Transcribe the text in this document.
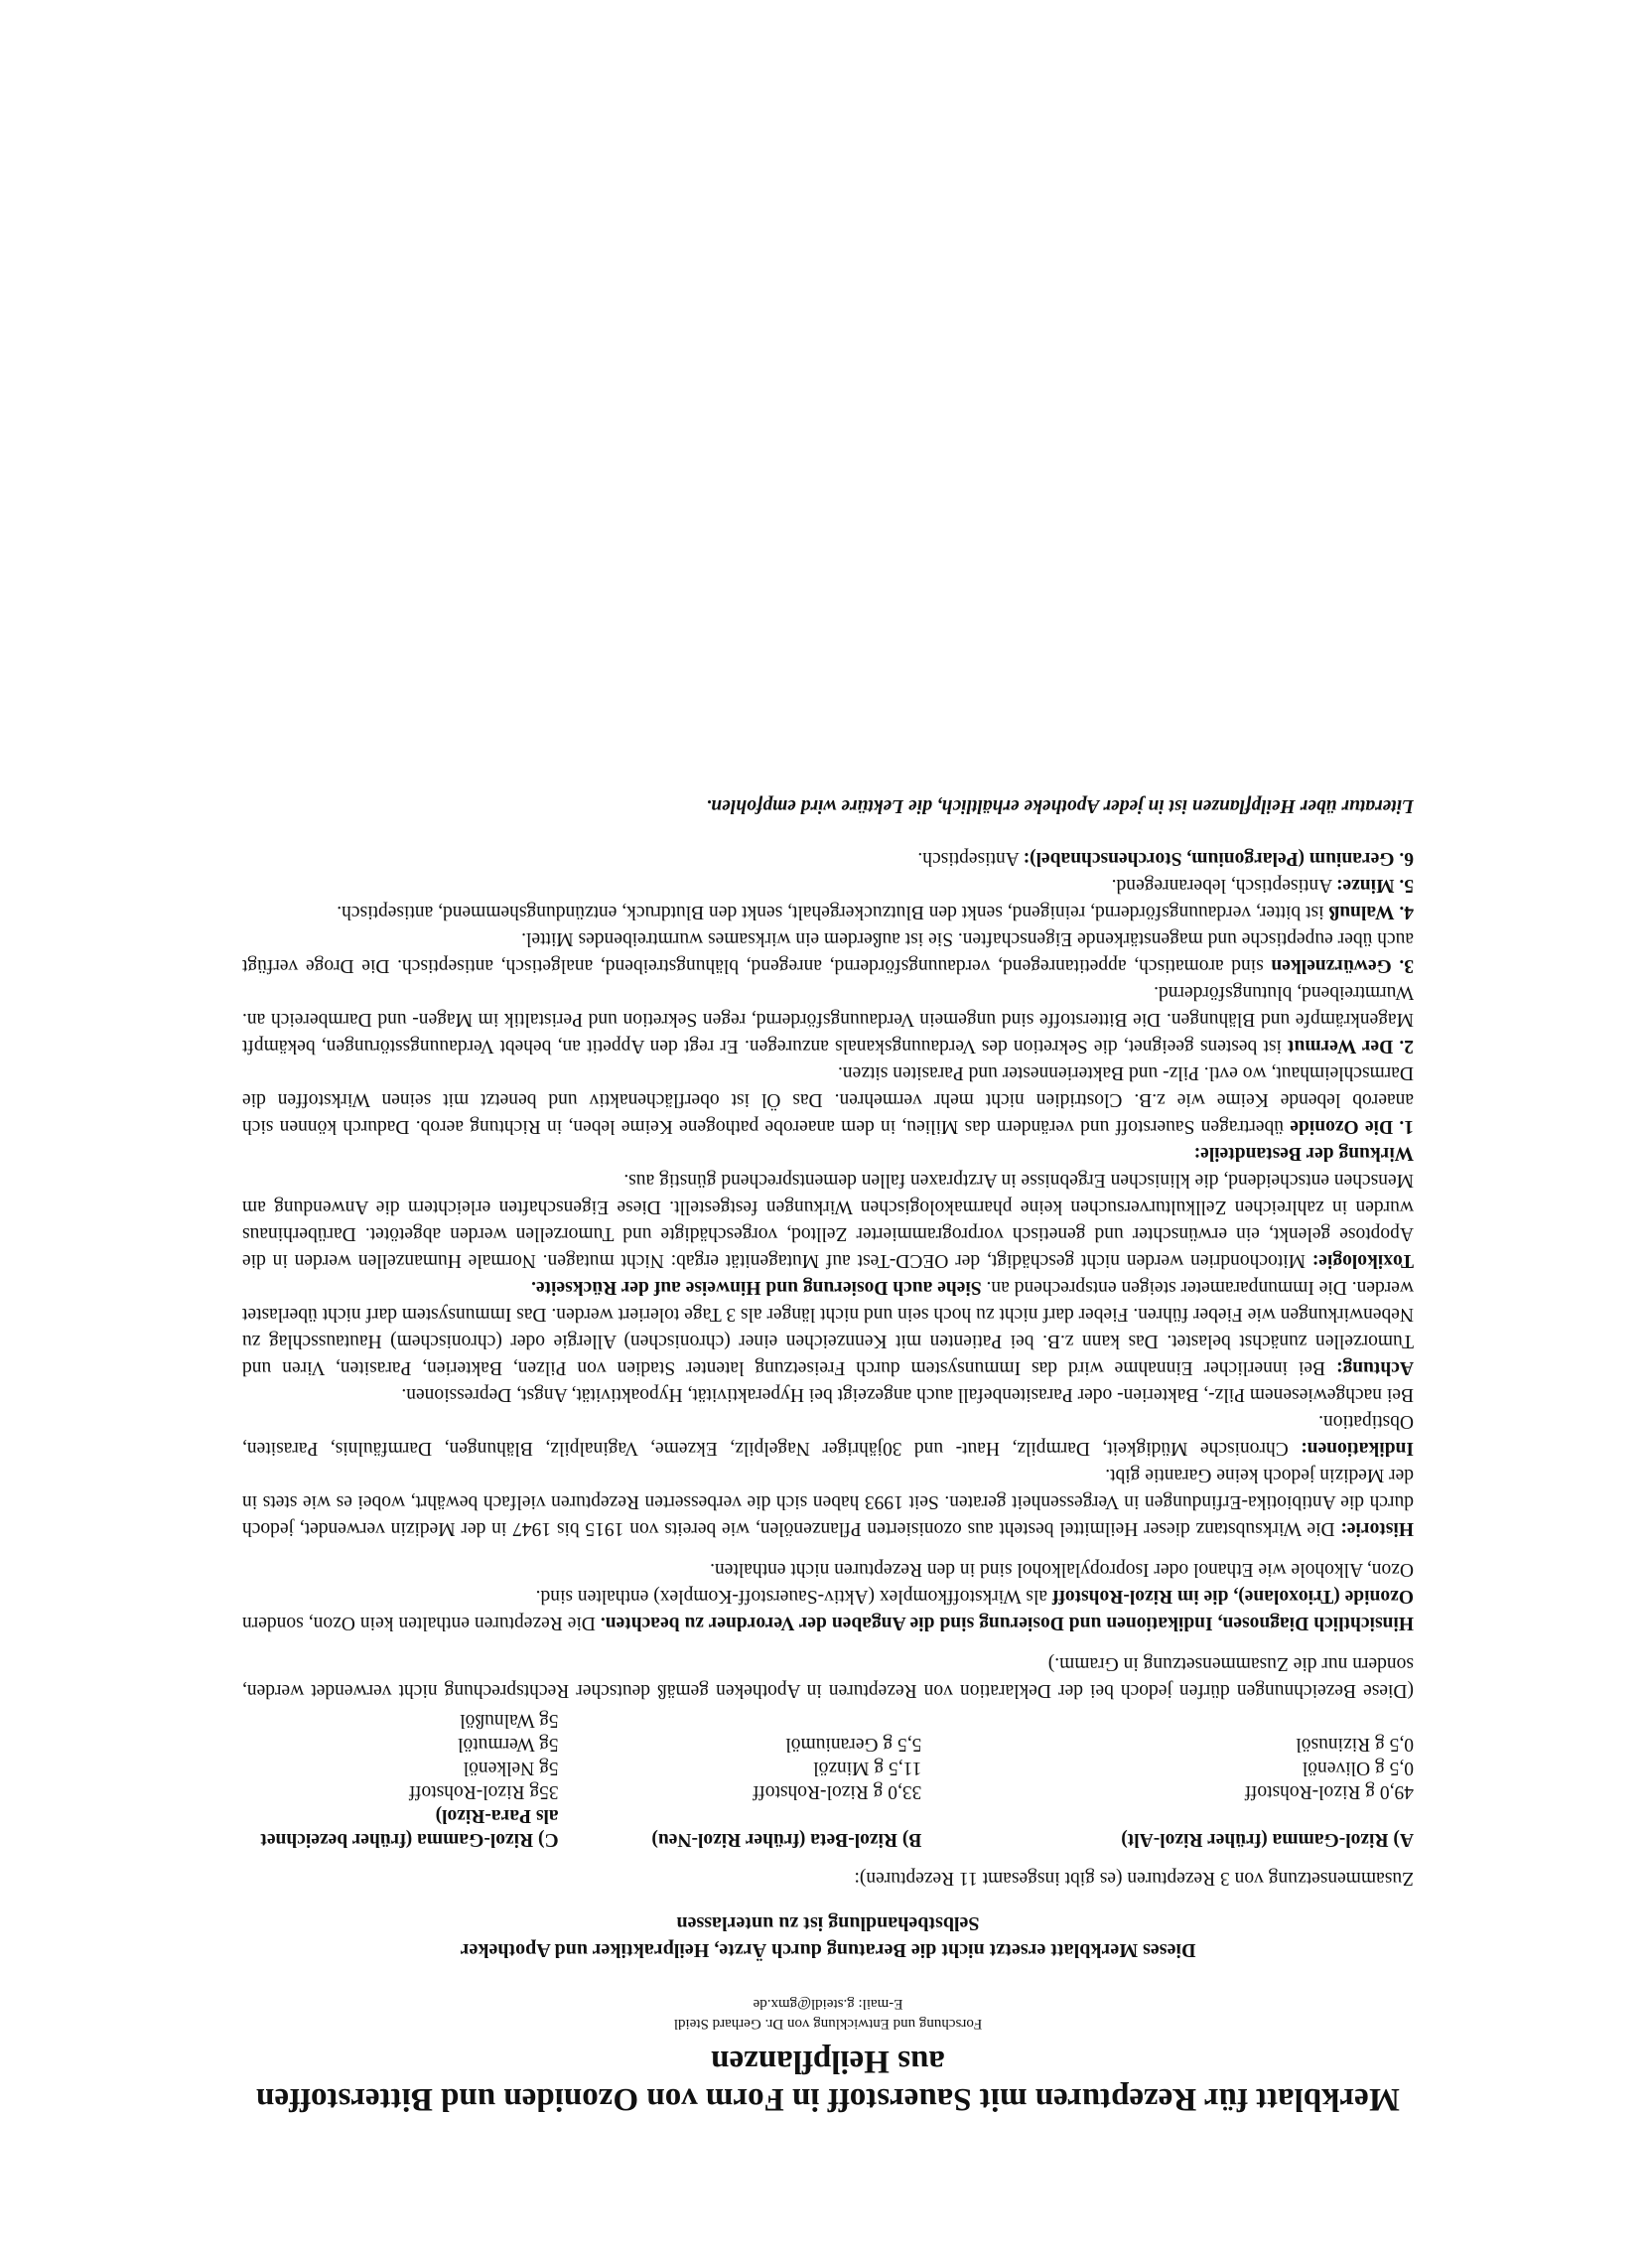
Merkblatt für Rezepturen mit Sauerstoff in Form von Ozoniden und Bitterstoffen aus Heilpflanzen

Forschung und Entwicklung von Dr. Gerhard Steidl
E-mail: g.steidl@gmx.de
Dieses Merkblatt ersetzt nicht die Beratung durch Ärzte, Heilpraktiker und Apotheker
Selbstbehandlung ist zu unterlassen

Zusammensetzung von 3 Rezepturen (es gibt insgesamt 11 Rezepturen):

A) Rizol-Gamma (früher Rizol-Alt)	B) Rizol-Beta (früher Rizol-Neu)	C) Rizol-Gamma (früher bezeichnet als Para-Rizol)
49,0 g Rizol-Rohstoff	33,0 g Rizol-Rohstoff	35g Rizol-Rohstoff
0,5 g Olivenöl	11,5 g Minzöl	5g Nelkenöl
0,5 g Rizinusöl	5,5 g Geraniumöl	5g Wermutöl
		5g Walnußöl

(Diese Bezeichnungen dürfen jedoch bei der Deklaration von Rezepturen in Apotheken gemäß deutscher Rechtsprechung nicht verwendet werden, sondern nur die Zusammensetzung in Gramm.)

Hinsichtlich Diagnosen, Indikationen und Dosierung sind die Angaben der Verordner zu beachten. Die Rezepturen enthalten kein Ozon, sondern Ozonide (Trioxolane), die im Rizol-Rohstoff als Wirkstoffkomplex (Aktiv-Sauerstoff-Komplex) enthalten sind.

Ozon, Alkohole wie Ethanol oder Isopropylalkohol sind in den Rezepturen nicht enthalten.

Historie: Die Wirksubstanz dieser Heilmittel besteht aus ozonisierten Pflanzenölen, wie bereits von 1915 bis 1947 in der Medizin verwendet, jedoch durch die Antibiotika-Erfindungen in Vergessenheit geraten. Seit 1993 haben sich die verbesserten Rezepturen vielfach bewährt, wobei es wie stets in der Medizin jedoch keine Garantie gibt.

Indikationen: Chronische Müdigkeit, Darmpilz, Haut- und 30jähriger Nagelpilz, Ekzeme, Vaginalpilz, Blähungen, Darmfäulnis, Parasiten, Obstipation.

Bei nachgewiesenem Pilz-, Bakterien- oder Parasitenbefall auch angezeigt bei Hyperaktivität, Hypoaktivität, Angst, Depressionen.

Achtung: Bei innerlicher Einnahme wird das Immunsystem durch Freisetzung latenter Stadien von Pilzen, Bakterien, Parasiten, Viren und Tumorzellen zunächst belastet. Das kann z.B. bei Patienten mit Kennzeichen einer (chronischen) Allergie oder (chronischem) Hautausschlag zu Nebenwirkungen wie Fieber führen. Fieber darf nicht zu hoch sein und nicht länger als 3 Tage toleriert werden. Das Immunsystem darf nicht überlastet werden. Die Immunparameter steigen entsprechend an. Siehe auch Dosierung und Hinweise auf der Rückseite.

Toxikologie: Mitochondrien werden nicht geschädigt, der OECD-Test auf Mutagenität ergab: Nicht mutagen. Normale Humanzellen werden in die Apoptose gelenkt, ein erwünschter und genetisch vorprogrammierter Zelltod, vorgeschädigte und Tumorzellen werden abgetötet. Darüberhinaus wurden in zahlreichen Zellkulturversuchen keine pharmakologischen Wirkungen festgestellt. Diese Eigenschaften erleichtern die Anwendung am Menschen entscheidend, die klinischen Ergebnisse in Arztpraxen fallen dementsprechend günstig aus.

Wirkung der Bestandteile:

1. Die Ozonide übertragen Sauerstoff und verändern das Milieu, in dem anaerobe pathogene Keime leben, in Richtung aerob. Dadurch können sich anaerob lebende Keime wie z.B. Clostridien nicht mehr vermehren. Das Öl ist oberflächenaktiv und benetzt mit seinen Wirkstoffen die Darmschleimhaut, wo evtl. Pilz- und Bakteriennester und Parasiten sitzen.

2. Der Wermut ist bestens geeignet, die Sekretion des Verdauungskanals anzuregen. Er regt den Appetit an, behebt Verdauungsstörungen, bekämpft Magenkrämpfe und Blähungen. Die Bitterstoffe sind ungemein Verdauungsfördernd, regen Sekretion und Peristaltik im Magen- und Darmbereich an. Wurmtreibend, blutungsfördernd.

3. Gewürznelken sind aromatisch, appetitanregend, verdauungsfördernd, anregend, blähungstreibend, analgetisch, antiseptisch. Die Droge verfügt auch über eupeptische und magenstärkende Eigenschaften. Sie ist außerdem ein wirksames wurmtreibendes Mittel.

4. Walnuß ist bitter, verdauungsfördernd, reinigend, senkt den Blutzuckergehalt, senkt den Blutdruck, entzündungshemmend, antiseptisch.

5. Minze: Antiseptisch, leberanregend.

6. Geranium (Pelargonium, Storchenschnabel): Antiseptisch.

Literatur über Heilpflanzen ist in jeder Apotheke erhältlich, die Lektüre wird empfohlen.
